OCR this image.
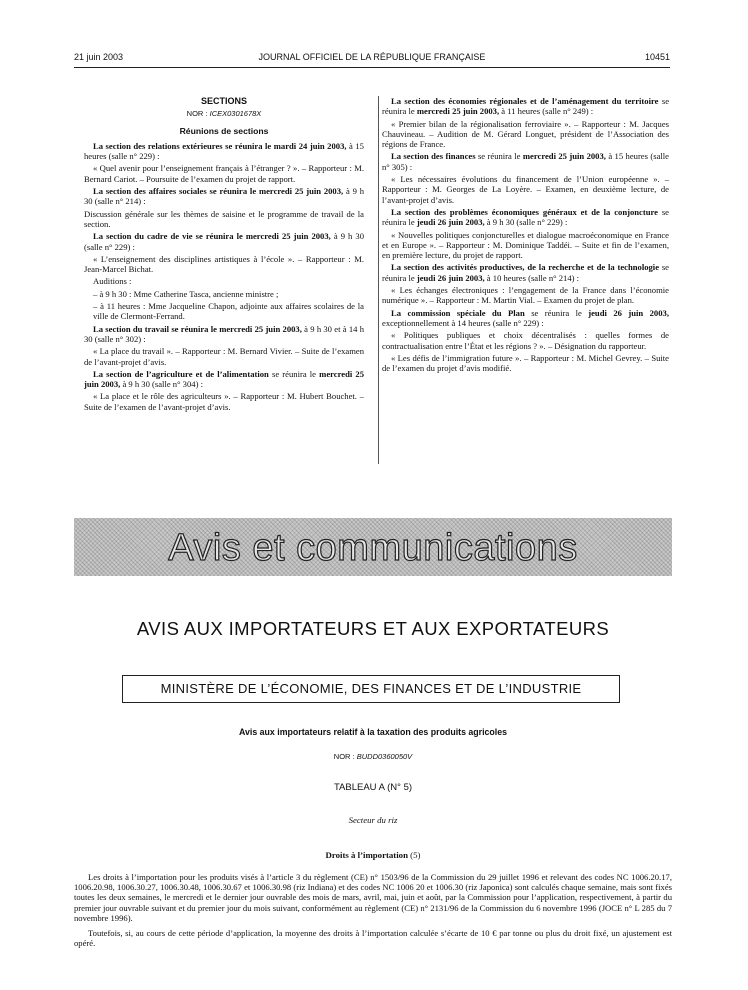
21 juin 2003	JOURNAL OFFICIEL DE LA RÉPUBLIQUE FRANÇAISE	10451
SECTIONS
NOR : ICEX0301678X
Réunions de sections

La section des relations extérieures se réunira le mardi 24 juin 2003, à 15 heures (salle n° 229) :

« Quel avenir pour l’enseignement français à l’étranger ? ». – Rapporteur : M. Bernard Cariot. – Poursuite de l’examen du projet de rapport.

La section des affaires sociales se réunira le mercredi 25 juin 2003, à 9 h 30 (salle n° 214) :

Discussion générale sur les thèmes de saisine et le programme de travail de la section.

La section du cadre de vie se réunira le mercredi 25 juin 2003, à 9 h 30 (salle n° 229) :

« L’enseignement des disciplines artistiques à l’école ». – Rapporteur : M. Jean-Marcel Bichat.

Auditions :

– à 9 h 30 : Mme Catherine Tasca, ancienne ministre ;

– à 11 heures : Mme Jacqueline Chapon, adjointe aux affaires scolaires de la ville de Clermont-Ferrand.

La section du travail se réunira le mercredi 25 juin 2003, à 9 h 30 et à 14 h 30 (salle n° 302) :

« La place du travail ». – Rapporteur : M. Bernard Vivier. – Suite de l’examen de l’avant-projet d’avis.

La section de l’agriculture et de l’alimentation se réunira le mercredi 25 juin 2003, à 9 h 30 (salle n° 304) :

« La place et le rôle des agriculteurs ». – Rapporteur : M. Hubert Bouchet. – Suite de l’examen de l’avant-projet d’avis.

La section des économies régionales et de l’aménagement du territoire se réunira le mercredi 25 juin 2003, à 11 heures (salle n° 249) :

« Premier bilan de la régionalisation ferroviaire ». – Rapporteur : M. Jacques Chauvineau. – Audition de M. Gérard Longuet, président de l’Association des régions de France.

La section des finances se réunira le mercredi 25 juin 2003, à 15 heures (salle n° 305) :

« Les nécessaires évolutions du financement de l’Union européenne ». – Rapporteur : M. Georges de La Loyère. – Examen, en deuxième lecture, de l’avant-projet d’avis.

La section des problèmes économiques généraux et de la conjoncture se réunira le jeudi 26 juin 2003, à 9 h 30 (salle n° 229) :

« Nouvelles politiques conjoncturelles et dialogue macroéconomique en France et en Europe ». – Rapporteur : M. Dominique Taddéi. – Suite et fin de l’examen, en première lecture, du projet de rapport.

La section des activités productives, de la recherche et de la technologie se réunira le jeudi 26 juin 2003, à 10 heures (salle n° 214) :

« Les échanges électroniques : l’engagement de la France dans l’économie numérique ». – Rapporteur : M. Martin Vial. – Examen du projet de plan.

La commission spéciale du Plan se réunira le jeudi 26 juin 2003, exceptionnellement à 14 heures (salle n° 229) :

« Politiques publiques et choix décentralisés : quelles formes de contractualisation entre l’État et les régions ? ». – Désignation du rapporteur.

« Les défis de l’immigration future ». – Rapporteur : M. Michel Gevrey. – Suite de l’examen du projet d’avis modifié.

Avis et communications
AVIS AUX IMPORTATEURS ET AUX EXPORTATEURS
MINISTÈRE DE L’ÉCONOMIE, DES FINANCES ET DE L’INDUSTRIE
Avis aux importateurs relatif à la taxation des produits agricoles
NOR : BUDD0360050V
TABLEAU A (N° 5)
Secteur du riz
Droits à l’importation (5)

Les droits à l’importation pour les produits visés à l’article 3 du règlement (CE) n° 1503/96 de la Commission du 29 juillet 1996 et relevant des codes NC 1006.20.17, 1006.20.98, 1006.30.27, 1006.30.48, 1006.30.67 et 1006.30.98 (riz Indiana) et des codes NC 1006 20 et 1006.30 (riz Japonica) sont calculés chaque semaine, mais sont fixés toutes les deux semaines, le mercredi et le dernier jour ouvrable des mois de mars, avril, mai, juin et août, par la Commission pour l’application, respectivement, à partir du premier jour ouvrable suivant et du premier jour du mois suivant, conformément au règlement (CE) n° 2131/96 de la Commission du 6 novembre 1996 (JOCE n° L 285 du 7 novembre 1996).

Toutefois, si, au cours de cette période d’application, la moyenne des droits à l’importation calculée s’écarte de 10 € par tonne ou plus du droit fixé, un ajustement est opéré.
